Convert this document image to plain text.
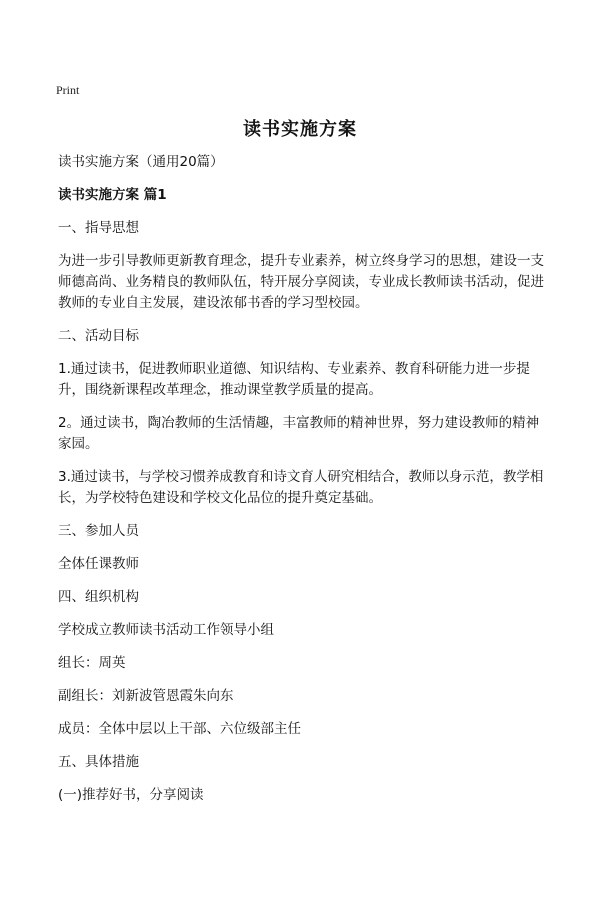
Print
读书实施方案

读书实施方案（通用20篇）

读书实施方案 篇1

一、指导思想

为进一步引导教师更新教育理念，提升专业素养，树立终身学习的思想，建设一支师德高尚、业务精良的教师队伍，特开展分享阅读，专业成长教师读书活动，促进教师的专业自主发展，建设浓郁书香的学习型校园。

二、活动目标

1.通过读书，促进教师职业道德、知识结构、专业素养、教育科研能力进一步提升，围绕新课程改革理念，推动课堂教学质量的提高。

2。通过读书，陶冶教师的生活情趣，丰富教师的精神世界，努力建设教师的精神家园。

3.通过读书，与学校习惯养成教育和诗文育人研究相结合，教师以身示范，教学相长，为学校特色建设和学校文化品位的提升奠定基础。

三、参加人员

全体任课教师

四、组织机构

学校成立教师读书活动工作领导小组

组长：周英

副组长：刘新波管恩霞朱向东

成员：全体中层以上干部、六位级部主任

五、具体措施

(一)推荐好书，分享阅读
